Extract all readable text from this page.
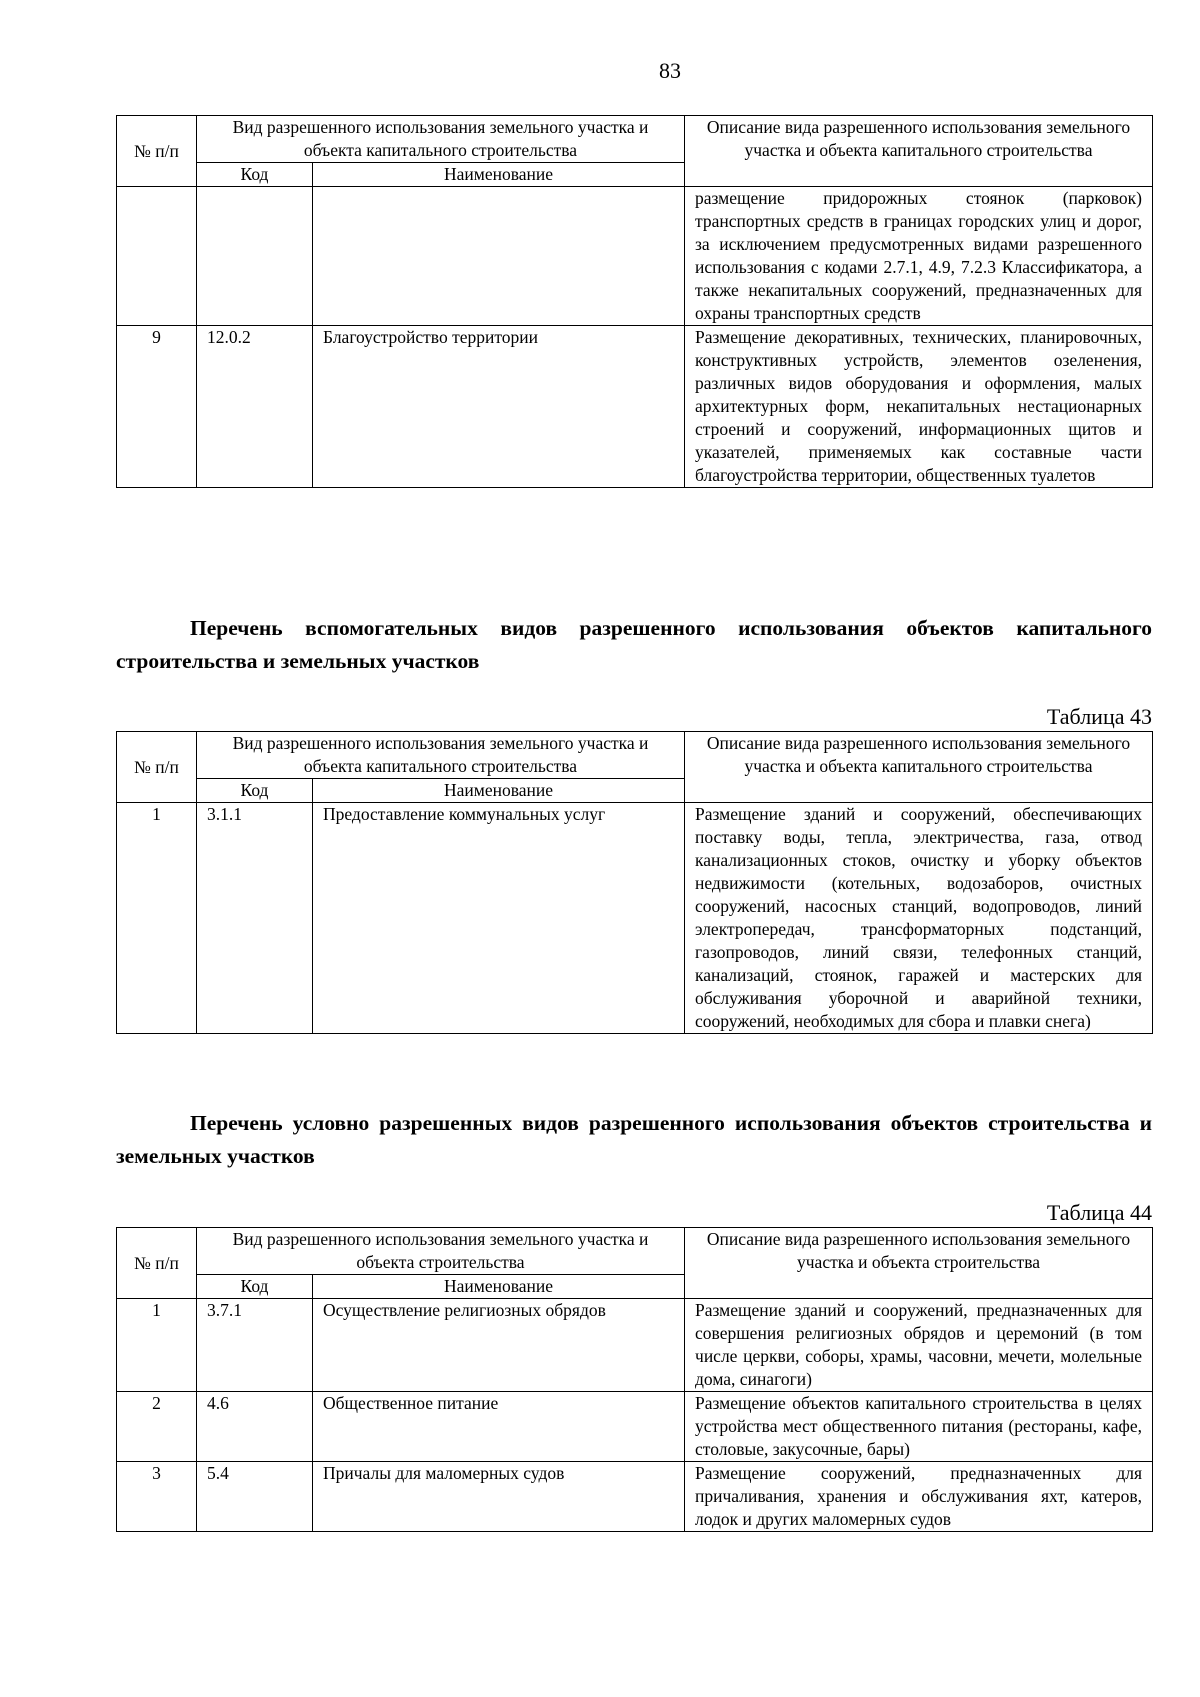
83
№ п/п	Вид разрешенного использования земельного участка и объекта капитального строительства		Описание вида разрешенного использования земельного участка и объекта капитального строительства
	Код	Наименование	
			размещение придорожных стоянок (парковок) транспортных средств в границах городских улиц и дорог, за исключением предусмотренных видами разрешенного использования с кодами 2.7.1, 4.9, 7.2.3 Классификатора, а также некапитальных сооружений, предназначенных для охраны транспортных средств
9	12.0.2	Благоустройство территории	Размещение декоративных, технических, планировочных, конструктивных устройств, элементов озеленения, различных видов оборудования и оформления, малых архитектурных форм, некапитальных нестационарных строений и сооружений, информационных щитов и указателей, применяемых как составные части благоустройства территории, общественных туалетов
Перечень вспомогательных видов разрешенного использования объектов капитального строительства и земельных участков
Таблица 43
№ п/п	Вид разрешенного использования земельного участка и объекта капитального строительства		Описание вида разрешенного использования земельного участка и объекта капитального строительства
	Код	Наименование	
1	3.1.1	Предоставление коммунальных услуг	Размещение зданий и сооружений, обеспечивающих поставку воды, тепла, электричества, газа, отвод канализационных стоков, очистку и уборку объектов недвижимости (котельных, водозаборов, очистных сооружений, насосных станций, водопроводов, линий электропередач, трансформаторных подстанций, газопроводов, линий связи, телефонных станций, канализаций, стоянок, гаражей и мастерских для обслуживания уборочной и аварийной техники, сооружений, необходимых для сбора и плавки снега)
Перечень условно разрешенных видов разрешенного использования объектов строительства и земельных участков
Таблица 44
№ п/п	Вид разрешенного использования земельного участка и объекта строительства		Описание вида разрешенного использования земельного участка и объекта строительства
	Код	Наименование	
1	3.7.1	Осуществление религиозных обрядов	Размещение зданий и сооружений, предназначенных для совершения религиозных обрядов и церемоний (в том числе церкви, соборы, храмы, часовни, мечети, молельные дома, синагоги)
2	4.6	Общественное питание	Размещение объектов капитального строительства в целях устройства мест общественного питания (рестораны, кафе, столовые, закусочные, бары)
3	5.4	Причалы для маломерных судов	Размещение сооружений, предназначенных для причаливания, хранения и обслуживания яхт, катеров, лодок и других маломерных судов
